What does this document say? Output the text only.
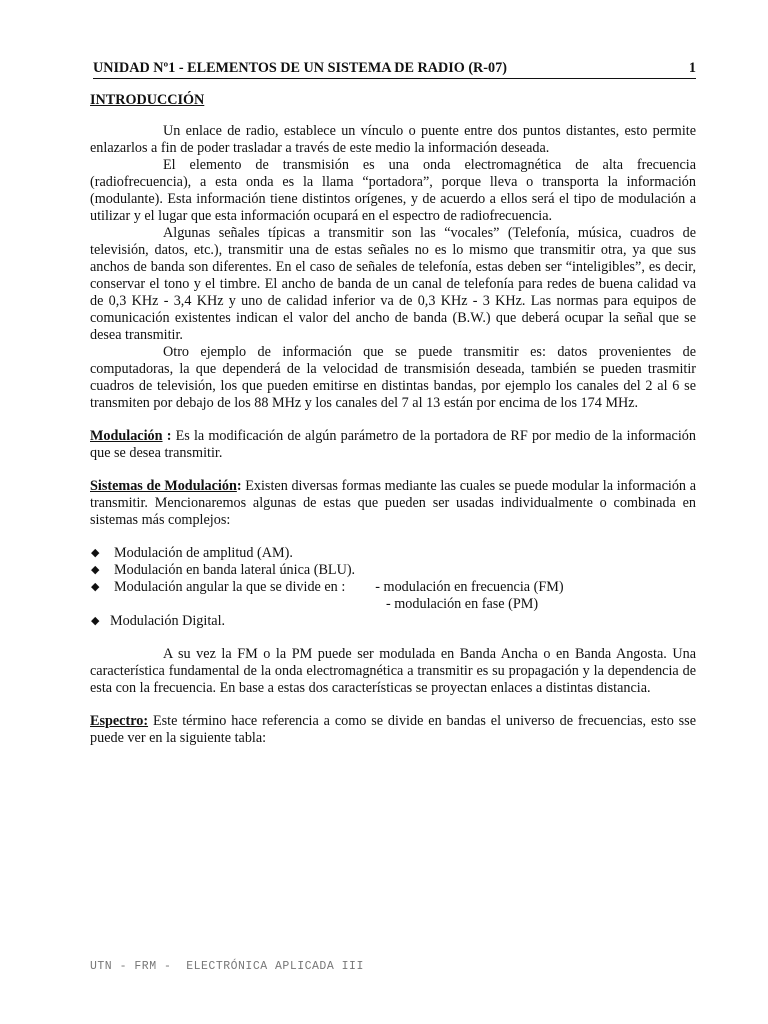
UNIDAD Nº1 - ELEMENTOS DE UN SISTEMA DE RADIO (R-07)	1
INTRODUCCIÓN

Un enlace de radio, establece un vínculo o puente entre dos puntos distantes, esto permite enlazarlos a fin de poder trasladar a través de este medio la información deseada.

El elemento de transmisión es una onda electromagnética de alta frecuencia (radiofrecuencia), a esta onda es la llama “portadora”, porque lleva o transporta la información (modulante). Esta información tiene distintos orígenes, y de acuerdo a ellos será el tipo de modulación a utilizar y el lugar que esta información ocupará en el espectro de radiofrecuencia.

Algunas señales típicas a transmitir son las “vocales” (Telefonía, música, cuadros de televisión, datos, etc.), transmitir una de estas señales no es lo mismo que transmitir otra, ya que sus anchos de banda son diferentes. En el caso de señales de telefonía, estas deben ser “inteligibles”, es decir, conservar el tono y el timbre. El ancho de banda de un canal de telefonía para redes de buena calidad va de 0,3 KHz - 3,4 KHz y uno de calidad inferior va de 0,3 KHz - 3 KHz. Las normas para equipos de comunicación existentes indican el valor del ancho de banda (B.W.) que deberá ocupar la señal que se desea transmitir.

Otro ejemplo de información que se puede transmitir es: datos provenientes de computadoras, la que dependerá de la velocidad de transmisión deseada, también se pueden trasmitir cuadros de televisión, los que pueden emitirse en distintas bandas, por ejemplo los canales del 2 al 6 se transmiten por debajo de los 88 MHz y los canales del 7 al 13 están por encima de los 174 MHz.

Modulación : Es la modificación de algún parámetro de la portadora de RF por medio de la información que se desea transmitir.

Sistemas de Modulación: Existen diversas formas mediante las cuales se puede modular la información a transmitir. Mencionaremos algunas de estas que pueden ser usadas individualmente o combinada en sistemas más complejos:

◆ Modulación de amplitud (AM).
◆ Modulación en banda lateral única (BLU).
◆ Modulación angular la que se divide en : - modulación en frecuencia (FM)
- modulación en fase (PM)
◆ Modulación Digital.

A su vez la FM o la PM puede ser modulada en Banda Ancha o en Banda Angosta. Una característica fundamental de la onda electromagnética a transmitir es su propagación y la dependencia de esta con la frecuencia. En base a estas dos características se proyectan enlaces a distintas distancia.

Espectro: Este término hace referencia a como se divide en bandas el universo de frecuencias, esto sse puede ver en la siguiente tabla:

UTN - FRM -  ELECTRÓNICA APLICADA III
